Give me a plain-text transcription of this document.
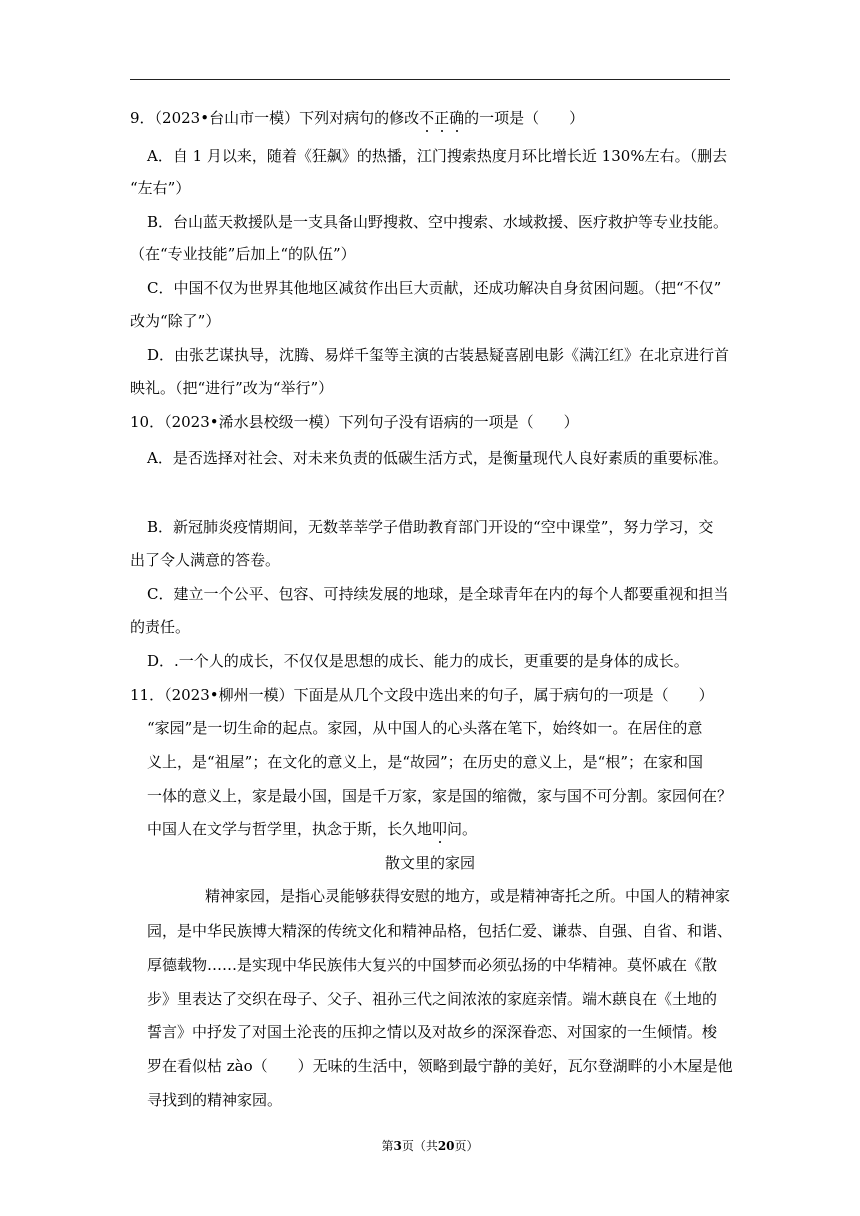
9．（2023•台山市一模）下列对病句的修改不正确的一项是（　　）
A．自 1 月以来，随着《狂飙》的热播，江门搜索热度月环比增长近 130%左右。（删去
“左右”）
B．台山蓝天救援队是一支具备山野搜救、空中搜索、水域救援、医疗救护等专业技能。
（在“专业技能”后加上“的队伍”）
C．中国不仅为世界其他地区减贫作出巨大贡献，还成功解决自身贫困问题。（把“不仅”
改为“除了”）
D．由张艺谋执导，沈腾、易烊千玺等主演的古装悬疑喜剧电影《满江红》在北京进行首
映礼。（把“进行”改为“举行”）
10．（2023•浠水县校级一模）下列句子没有语病的一项是（　　）
A．是否选择对社会、对未来负责的低碳生活方式，是衡量现代人良好素质的重要标准。
B．新冠肺炎疫情期间，无数莘莘学子借助教育部门开设的“空中课堂”，努力学习，交
出了令人满意的答卷。
C．建立一个公平、包容、可持续发展的地球，是全球青年在内的每个人都要重视和担当
的责任。
D．.一个人的成长，不仅仅是思想的成长、能力的成长，更重要的是身体的成长。
11．（2023•柳州一模）下面是从几个文段中选出来的句子，属于病句的一项是（　　）
“家园”是一切生命的起点。家园，从中国人的心头落在笔下，始终如一。在居住的意
义上，是“祖屋”；在文化的意义上，是“故园”；在历史的意义上，是“根”；在家和国
一体的意义上，家是最小国，国是千万家，家是国的缩微，家与国不可分割。家园何在？
中国人在文学与哲学里，执念于斯，长久地叩问。
散文里的家园
精神家园，是指心灵能够获得安慰的地方，或是精神寄托之所。中国人的精神家
园，是中华民族博大精深的传统文化和精神品格，包括仁爱、谦恭、自强、自省、和谐、
厚德载物……是实现中华民族伟大复兴的中国梦而必须弘扬的中华精神。莫怀戚在《散
步》里表达了交织在母子、父子、祖孙三代之间浓浓的家庭亲情。端木蕻良在《土地的
誓言》中抒发了对国土沦丧的压抑之情以及对故乡的深深眷恋、对国家的一生倾情。梭
罗在看似枯 zào（　　）无味的生活中，领略到最宁静的美好，瓦尔登湖畔的小木屋是他
寻找到的精神家园。
第3页（共20页）
